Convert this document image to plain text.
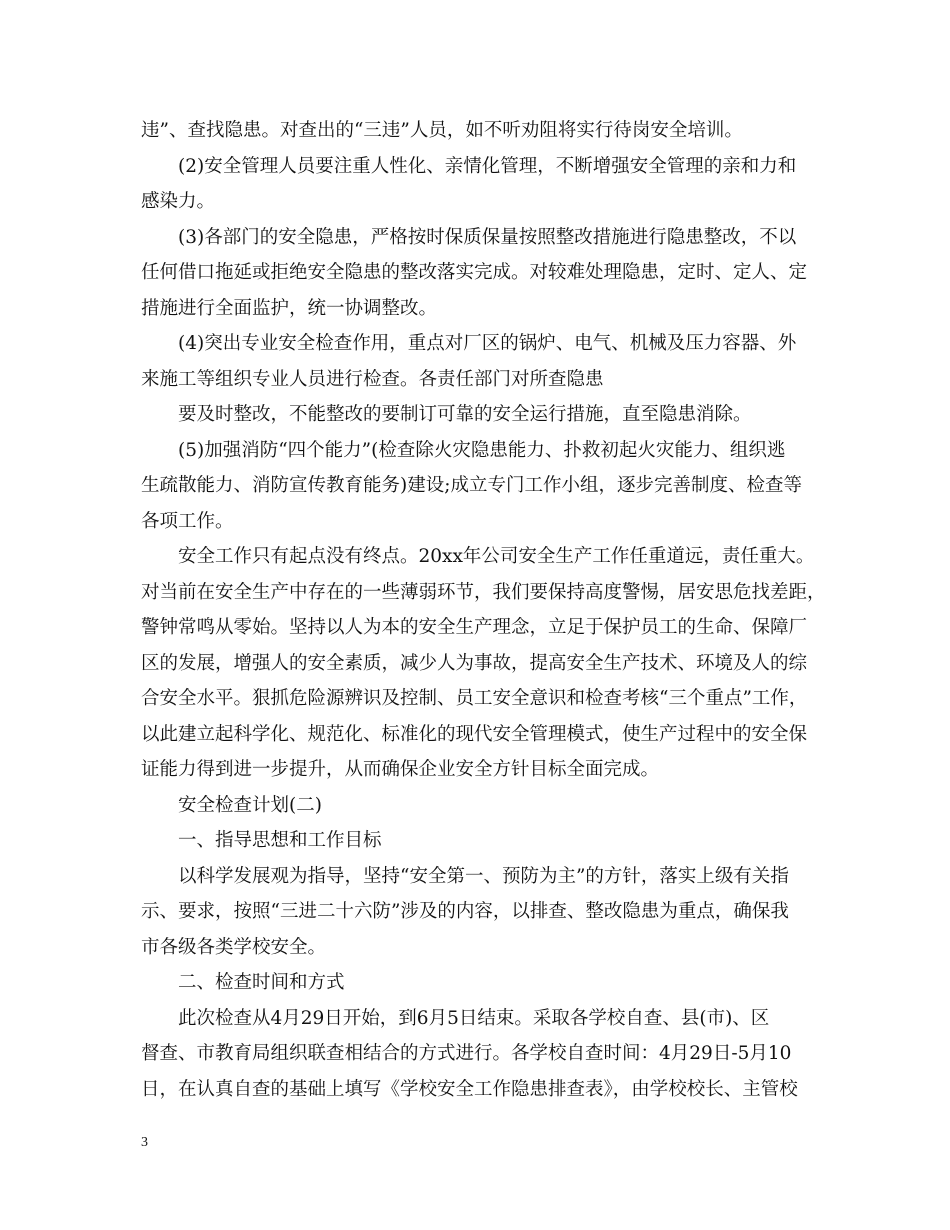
违”、查找隐患。对查出的“三违”人员，如不听劝阻将实行待岗安全培训。
(2)安全管理人员要注重人性化、亲情化管理，不断增强安全管理的亲和力和
感染力。
(3)各部门的安全隐患，严格按时保质保量按照整改措施进行隐患整改，不以
任何借口拖延或拒绝安全隐患的整改落实完成。对较难处理隐患，定时、定人、定
措施进行全面监护，统一协调整改。
(4)突出专业安全检查作用，重点对厂区的锅炉、电气、机械及压力容器、外
来施工等组织专业人员进行检查。各责任部门对所查隐患
要及时整改，不能整改的要制订可靠的安全运行措施，直至隐患消除。
(5)加强消防“四个能力”(检查除火灾隐患能力、扑救初起火灾能力、组织逃
生疏散能力、消防宣传教育能务)建设;成立专门工作小组，逐步完善制度、检查等
各项工作。
安全工作只有起点没有终点。20xx年公司安全生产工作任重道远，责任重大。
对当前在安全生产中存在的一些薄弱环节，我们要保持高度警惕，居安思危找差距，
警钟常鸣从零始。坚持以人为本的安全生产理念，立足于保护员工的生命、保障厂
区的发展，增强人的安全素质，减少人为事故，提高安全生产技术、环境及人的综
合安全水平。狠抓危险源辨识及控制、员工安全意识和检查考核“三个重点”工作，
以此建立起科学化、规范化、标准化的现代安全管理模式，使生产过程中的安全保
证能力得到进一步提升，从而确保企业安全方针目标全面完成。
安全检查计划(二)
一、指导思想和工作目标
以科学发展观为指导，坚持“安全第一、预防为主”的方针，落实上级有关指
示、要求，按照“三进二十六防”涉及的内容，以排查、整改隐患为重点，确保我
市各级各类学校安全。
二、检查时间和方式
此次检查从4月29日开始，到6月5日结束。采取各学校自查、县(市)、区
督查、市教育局组织联查相结合的方式进行。各学校自查时间：4月29日-5月10
日，在认真自查的基础上填写《学校安全工作隐患排查表》，由学校校长、主管校
3
